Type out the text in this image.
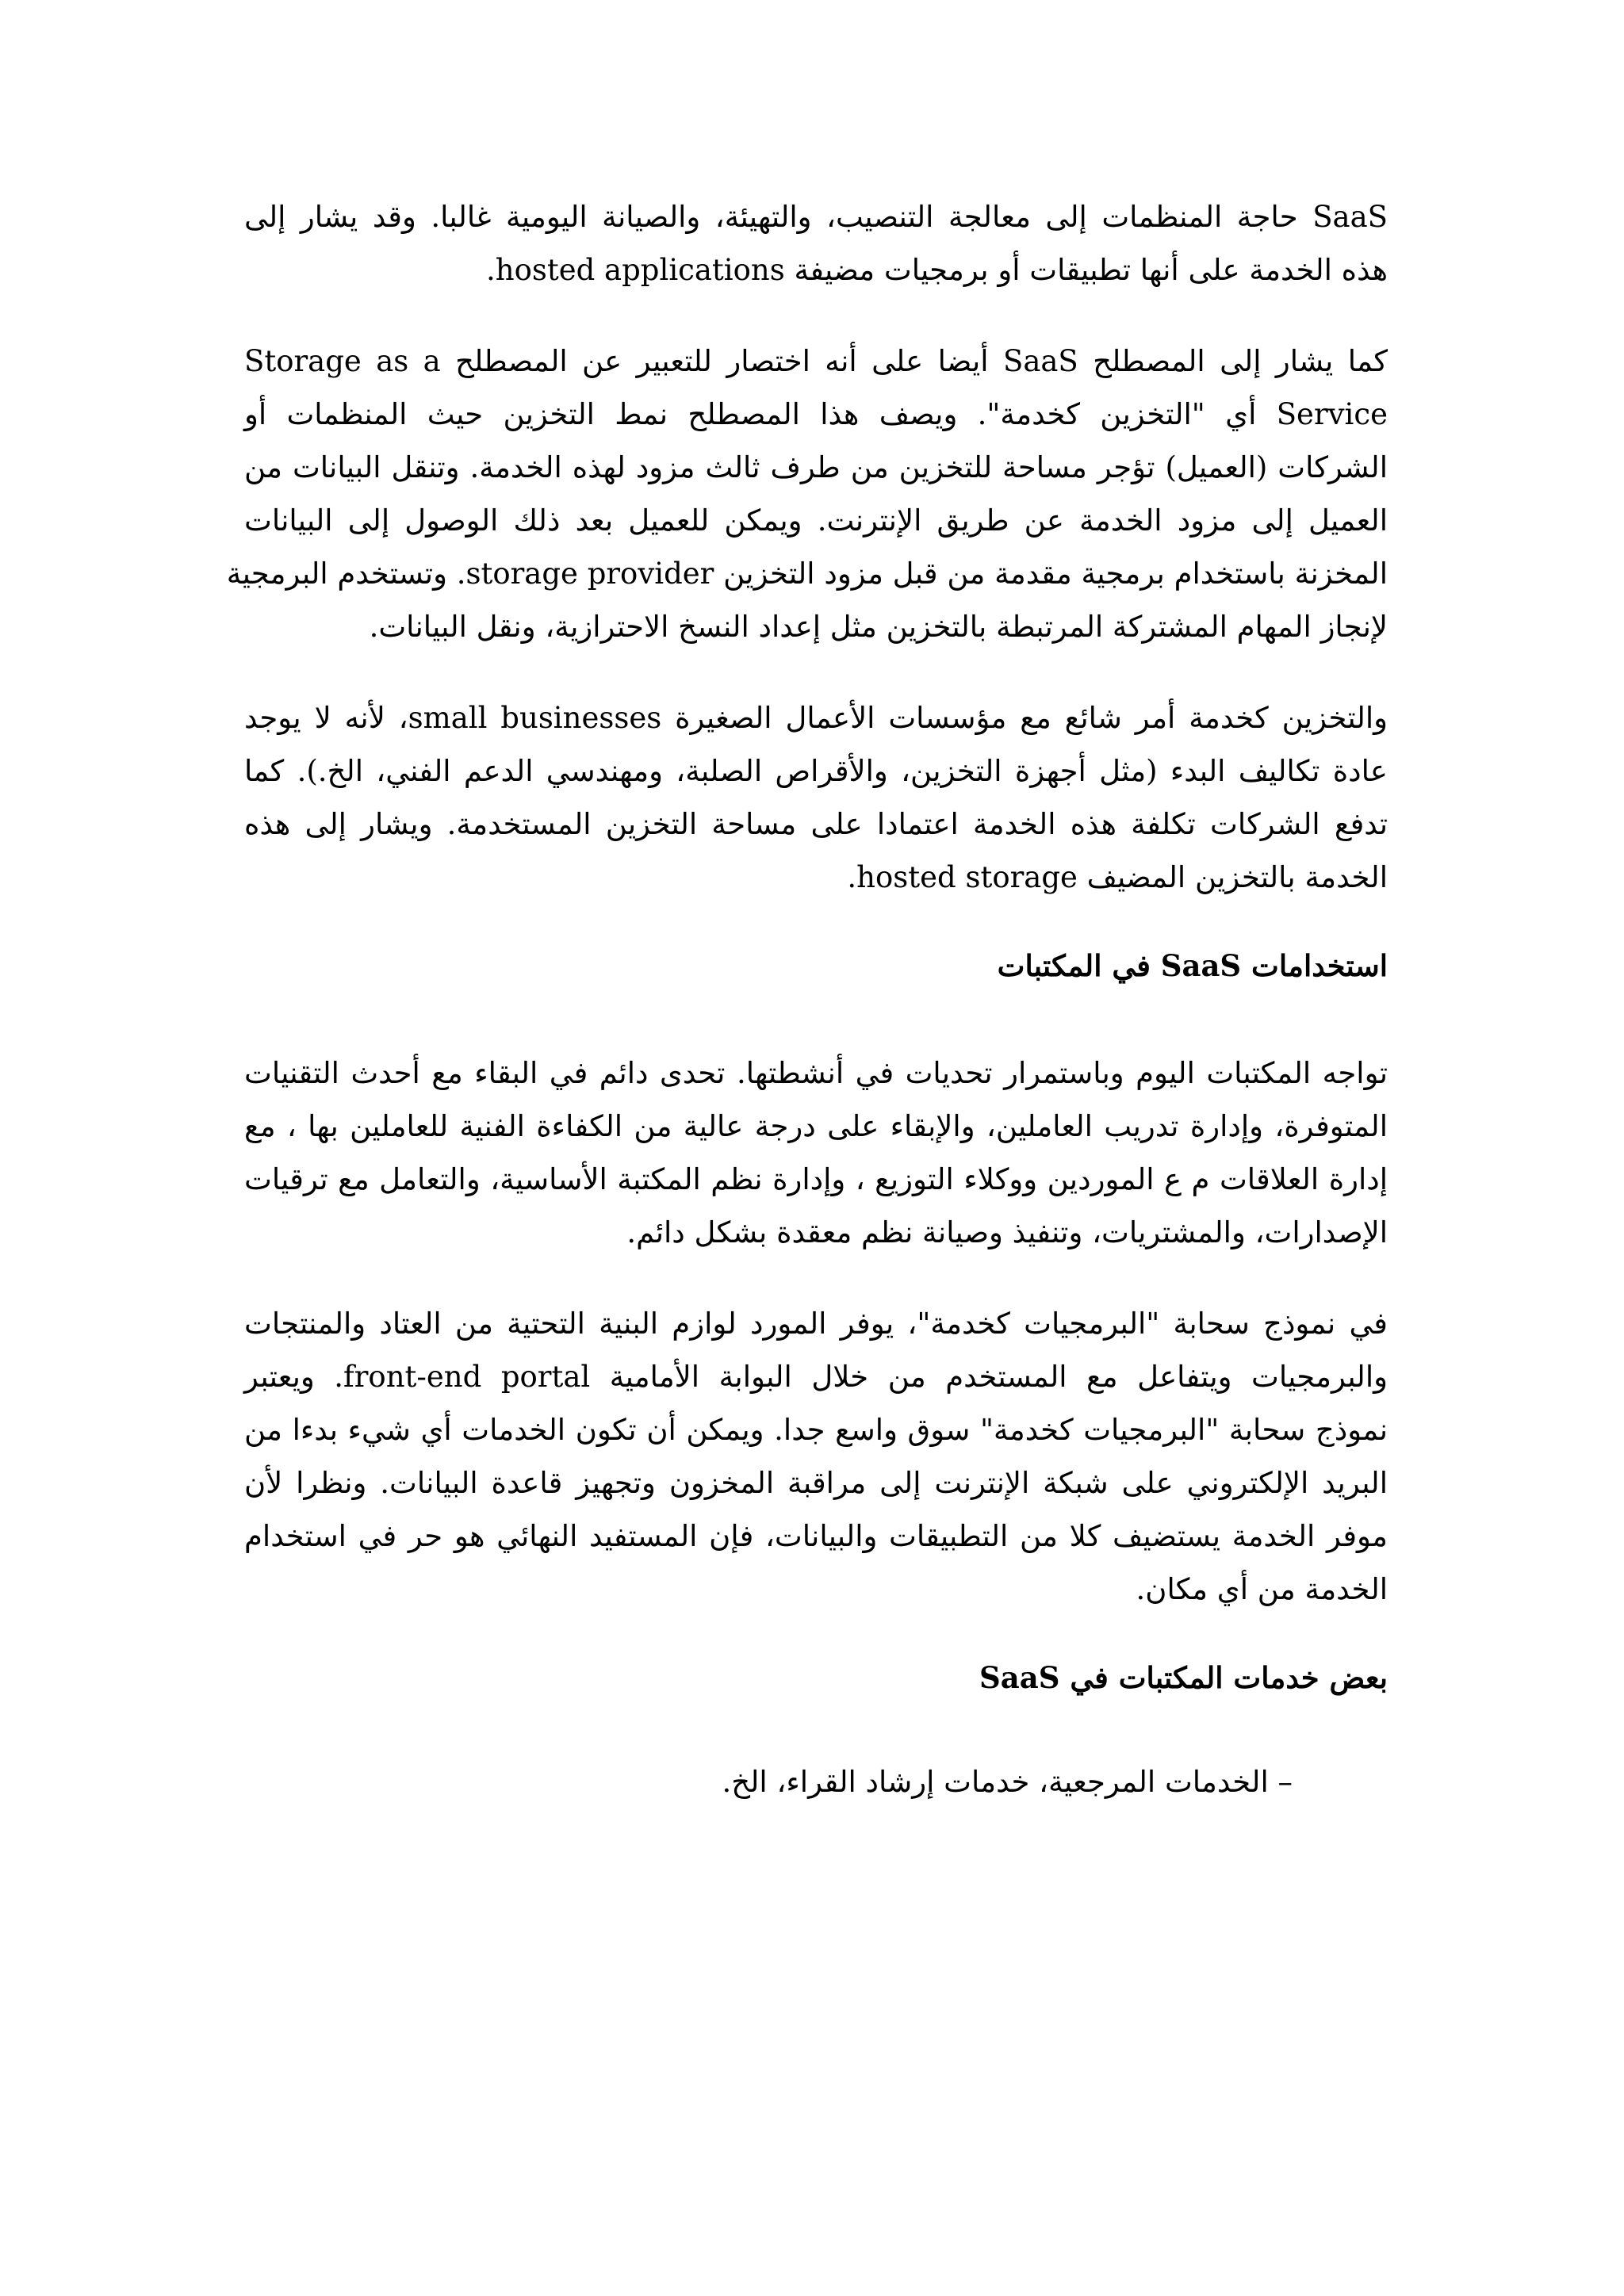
SaaS حاجة المنظمات إلى معالجة التنصيب، والتهيئة، والصيانة اليومية غالبا. وقد يشار إلى
هذه الخدمة على أنها تطبيقات أو برمجيات مضيفة hosted applications.
كما يشار إلى المصطلح SaaS أيضا على أنه اختصار للتعبير عن المصطلح Storage as a
Service أي "التخزين كخدمة". ويصف هذا المصطلح نمط التخزين حيث المنظمات أو
الشركات (العميل) تؤجر مساحة للتخزين من طرف ثالث مزود لهذه الخدمة. وتنقل البيانات من
العميل إلى مزود الخدمة عن طريق الإنترنت. ويمكن للعميل بعد ذلك الوصول إلى البيانات
المخزنة باستخدام برمجية مقدمة من قبل مزود التخزين storage provider. وتستخدم البرمجية
لإنجاز المهام المشتركة المرتبطة بالتخزين مثل إعداد النسخ الاحترازية، ونقل البيانات.
والتخزين كخدمة أمر شائع مع مؤسسات الأعمال الصغيرة small businesses، لأنه لا يوجد
عادة تكاليف البدء (مثل أجهزة التخزين، والأقراص الصلبة، ومهندسي الدعم الفني، الخ.). كما
تدفع الشركات تكلفة هذه الخدمة اعتمادا على مساحة التخزين المستخدمة. ويشار إلى هذه
الخدمة بالتخزين المضيف hosted storage.
استخدامات SaaS في المكتبات
تواجه المكتبات اليوم وباستمرار تحديات في أنشطتها. تحدى دائم في البقاء مع أحدث التقنيات
المتوفرة، وإدارة تدريب العاملين، والإبقاء على درجة عالية من الكفاءة الفنية للعاملين بها ، مع
إدارة العلاقات م ع الموردين ووكلاء التوزيع ، وإدارة نظم المكتبة الأساسية، والتعامل مع ترقيات
الإصدارات، والمشتريات، وتنفيذ وصيانة نظم معقدة بشكل دائم.
في نموذج سحابة "البرمجيات كخدمة"، يوفر المورد لوازم البنية التحتية من العتاد والمنتجات
والبرمجيات ويتفاعل مع المستخدم من خلال البوابة الأمامية front-end portal. ويعتبر
نموذج سحابة "البرمجيات كخدمة" سوق واسع جدا. ويمكن أن تكون الخدمات أي شيء بدءا من
البريد الإلكتروني على شبكة الإنترنت إلى مراقبة المخزون وتجهيز قاعدة البيانات. ونظرا لأن
موفر الخدمة يستضيف كلا من التطبيقات والبيانات، فإن المستفيد النهائي هو حر في استخدام
الخدمة من أي مكان.
بعض خدمات المكتبات في SaaS
– الخدمات المرجعية، خدمات إرشاد القراء، الخ.
